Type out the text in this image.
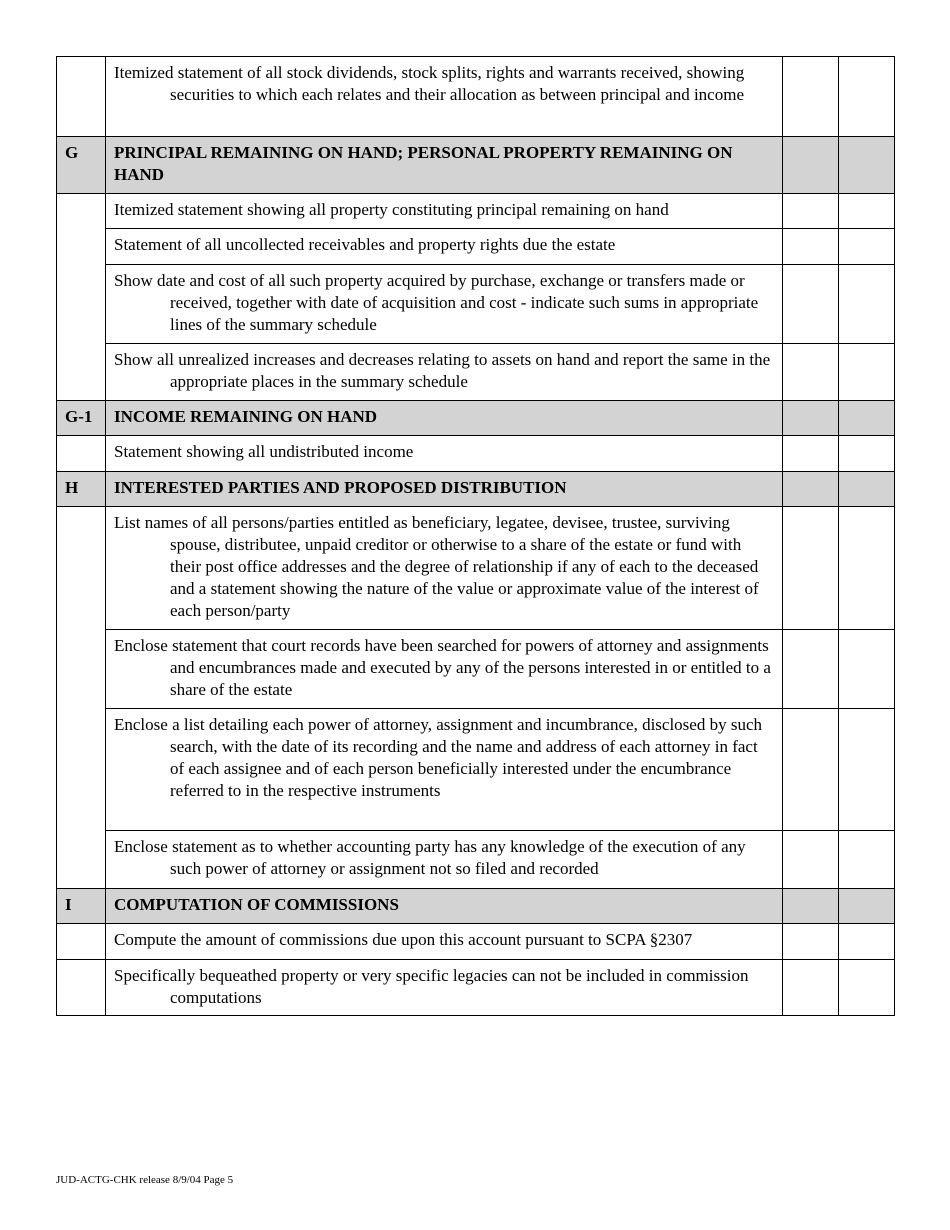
	Itemized statement of all stock dividends, stock splits, rights and warrants received, showing securities to which each relates and their allocation as between principal and income		

G	PRINCIPAL REMAINING ON HAND; PERSONAL PROPERTY REMAINING ON HAND		

	Itemized statement showing all property constituting principal remaining on hand		

	Statement of all uncollected receivables and property rights due the estate		

	Show date and cost of all such property acquired by purchase, exchange or transfers made or received, together with date of acquisition and cost - indicate such sums in appropriate lines of the summary schedule		

	Show all unrealized increases and decreases relating to assets on hand and report the same in the appropriate places in the summary schedule		

G-1	INCOME REMAINING ON HAND		

	Statement showing all undistributed income		

H	INTERESTED PARTIES AND PROPOSED DISTRIBUTION		

	List names of all persons/parties entitled as beneficiary, legatee, devisee, trustee, surviving spouse, distributee, unpaid creditor or otherwise to a share of the estate or fund with their post office addresses and the degree of relationship if any of each to the deceased and a statement showing the nature of the value or approximate value of the interest of each person/party		

	Enclose statement that court records have been searched for powers of attorney and assignments and encumbrances made and executed by any of the persons interested in or entitled to a share of the estate		

	Enclose a list detailing each power of attorney, assignment and incumbrance, disclosed by such search, with the date of its recording and the name and address of each attorney in fact of each assignee and of each person beneficially interested under the encumbrance referred to in the respective instruments		

	Enclose statement as to whether accounting party has any knowledge of the execution of any such power of attorney or assignment not so filed and recorded		

I	COMPUTATION OF COMMISSIONS		

	Compute the amount of commissions due upon this account pursuant to SCPA §2307		

	Specifically bequeathed property or very specific legacies can not be included in commission computations		

JUD-ACTG-CHK release 8/9/04 Page 5
